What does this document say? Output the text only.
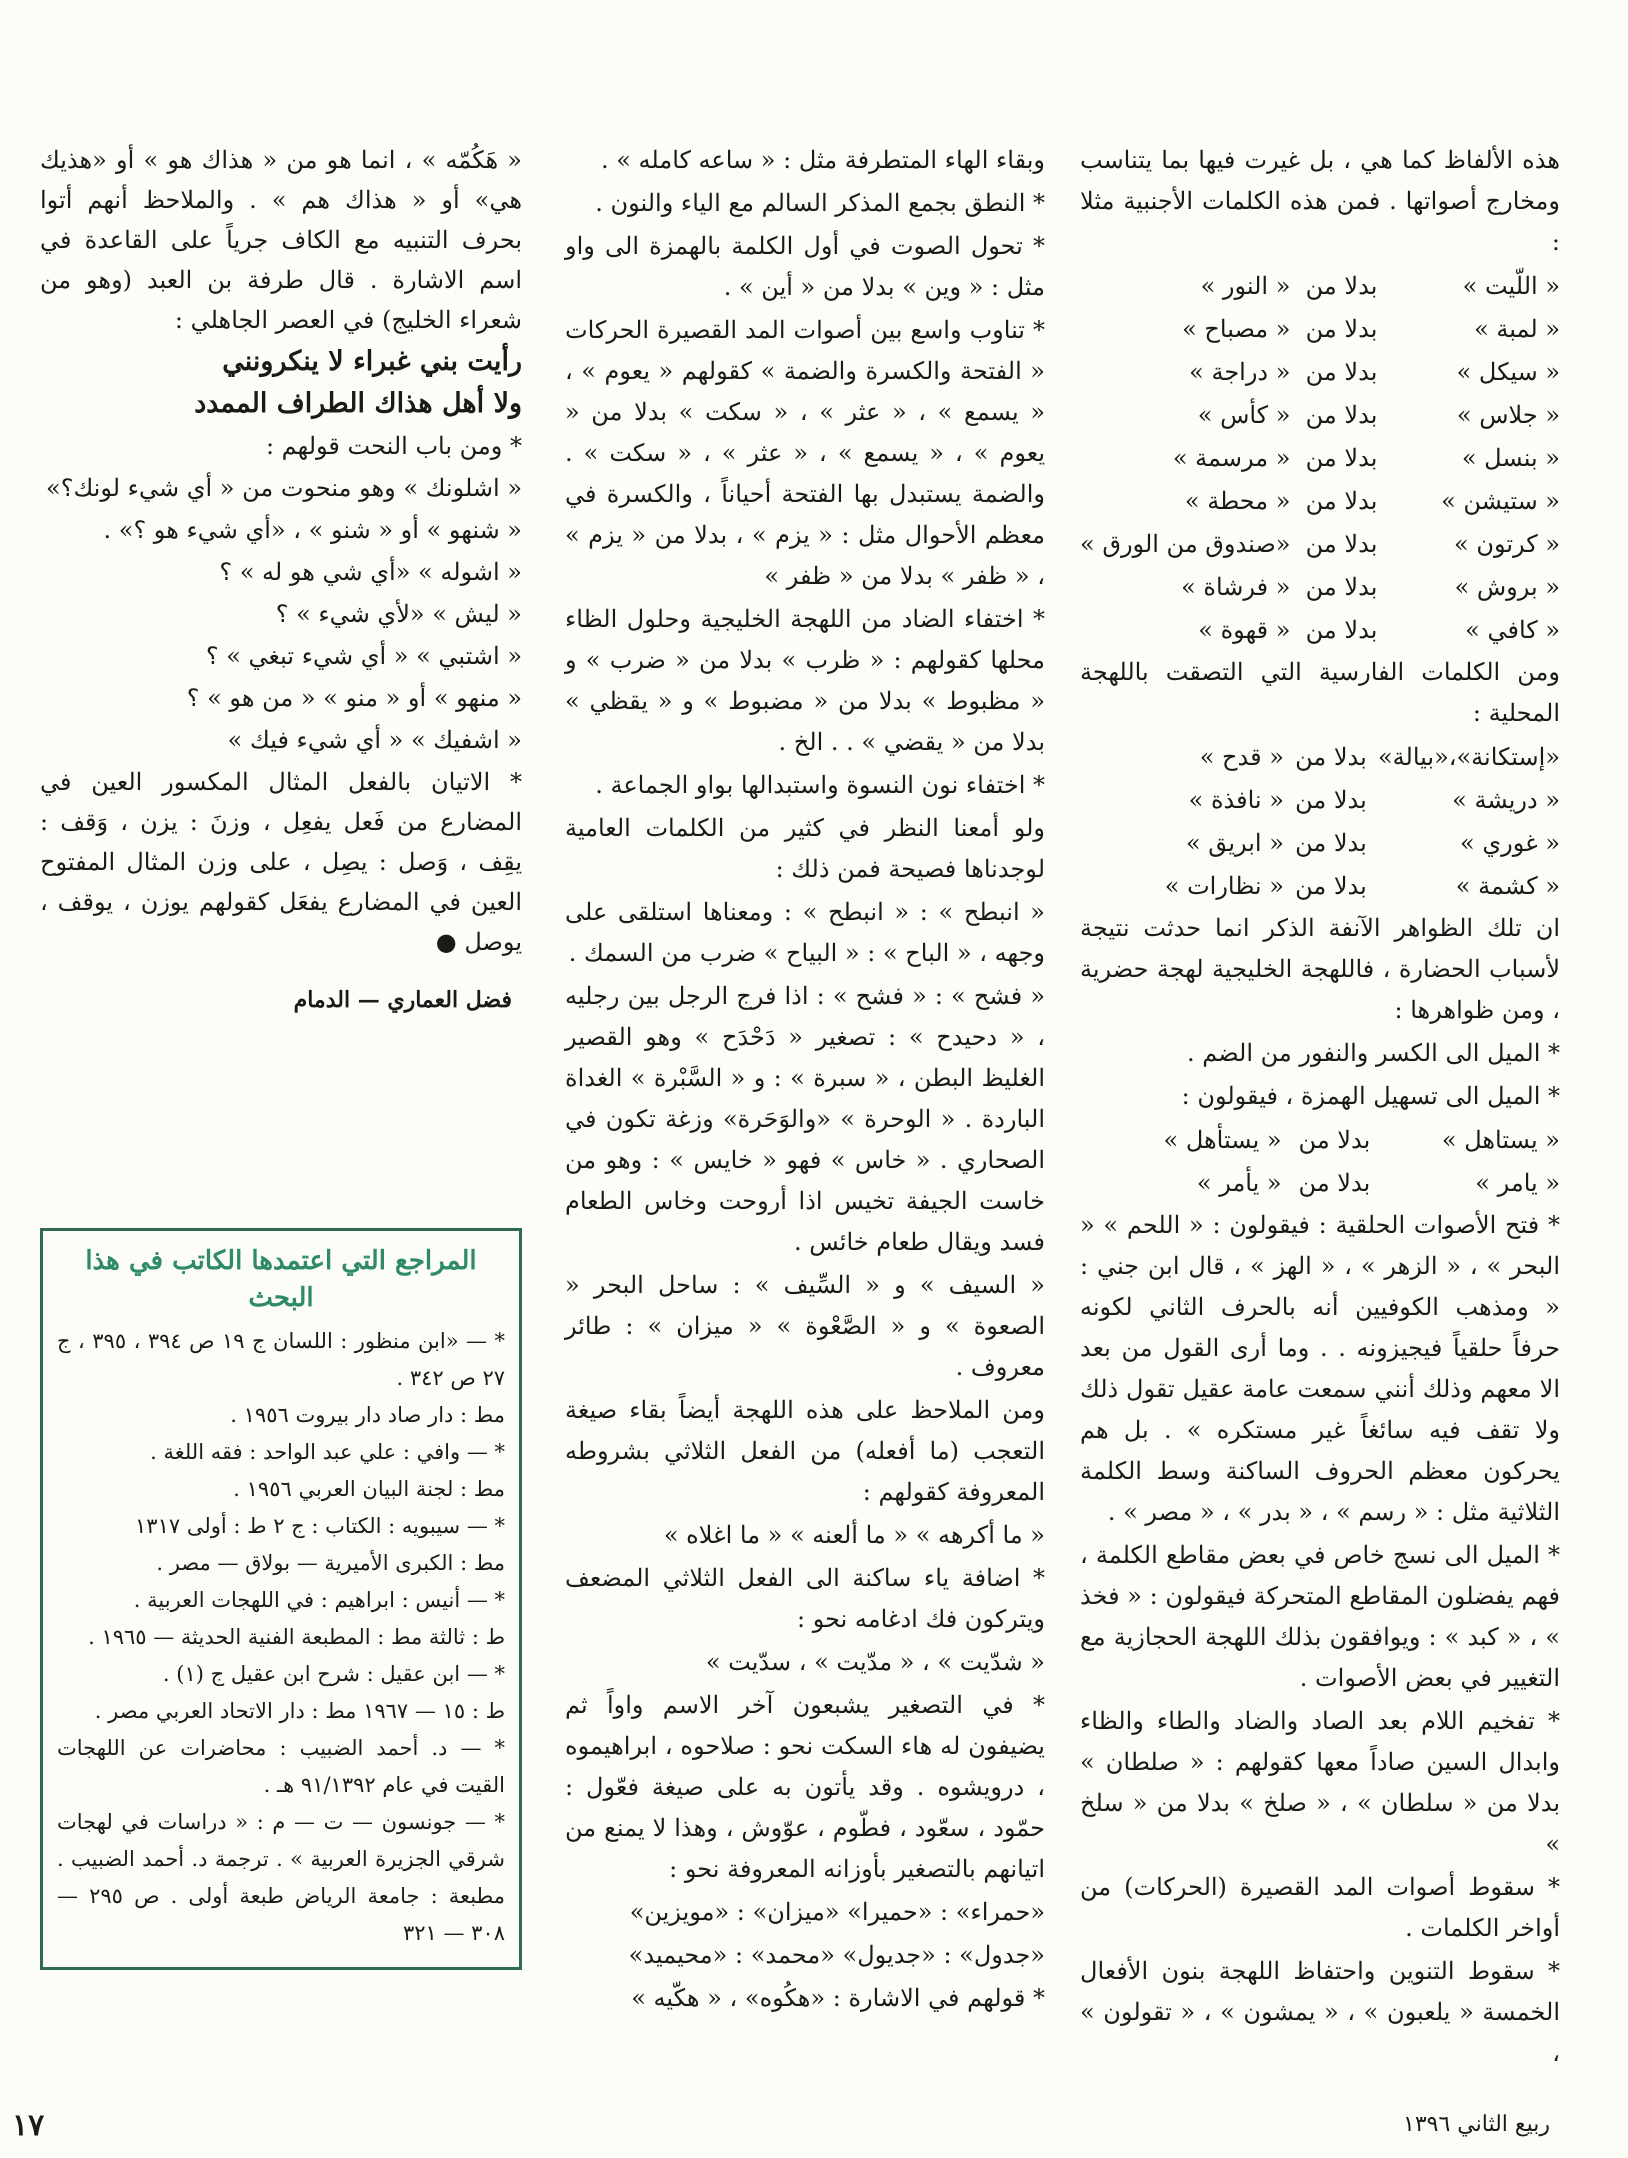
هذه الألفاظ كما هي ، بل غيرت فيها بما يتناسب ومخارج أصواتها . فمن هذه الكلمات الأجنبية مثلا :

« اللّيت »	بدلا من	« النور »
« لمبة »	بدلا من	« مصباح »
« سيكل »	بدلا من	« دراجة »
« جلاس »	بدلا من	« كأس »
« بنسل »	بدلا من	« مرسمة »
« ستيشن »	بدلا من	« محطة »
« كرتون »	بدلا من	«صندوق من الورق »
« بروش »	بدلا من	« فرشاة »
« كافي »	بدلا من	« قهوة »

ومن الكلمات الفارسية التي التصقت باللهجة المحلية :

«إستكانة»،«بيالة»	بدلا من	« قدح »
« دريشة »	بدلا من	« نافذة »
« غوري »	بدلا من	« ابريق »
« كشمة »	بدلا من	« نظارات »

ان تلك الظواهر الآنفة الذكر انما حدثت نتيجة لأسباب الحضارة ، فاللهجة الخليجية لهجة حضرية ، ومن ظواهرها :

* الميل الى الكسر والنفور من الضم .

* الميل الى تسهيل الهمزة ، فيقولون :

« يستاهل »	بدلا من	« يستأهل »
« يامر »	بدلا من	« يأمر »

* فتح الأصوات الحلقية : فيقولون : « اللحم » « البحر » ، « الزهر » ، « الهز » ، قال ابن جني : « ومذهب الكوفيين أنه بالحرف الثاني لكونه حرفاً حلقياً فيجيزونه . . وما أرى القول من بعد الا معهم وذلك أنني سمعت عامة عقيل تقول ذلك ولا تقف فيه سائغاً غير مستكره » . بل هم يحركون معظم الحروف الساكنة وسط الكلمة الثلاثية مثل : « رسم » ، « بدر » ، « مصر » .

* الميل الى نسج خاص في بعض مقاطع الكلمة ، فهم يفضلون المقاطع المتحركة فيقولون : « فخذ » ، « كبد » : ويوافقون بذلك اللهجة الحجازية مع التغيير في بعض الأصوات .

* تفخيم اللام بعد الصاد والضاد والطاء والظاء وابدال السين صاداً معها كقولهم : « صلطان » بدلا من « سلطان » ، « صلخ » بدلا من « سلخ »

* سقوط أصوات المد القصيرة (الحركات) من أواخر الكلمات .

* سقوط التنوين واحتفاظ اللهجة بنون الأفعال الخمسة « يلعبون » ، « يمشون » ، « تقولون » ،

وبقاء الهاء المتطرفة مثل : « ساعه كامله » .

* النطق بجمع المذكر السالم مع الياء والنون .

* تحول الصوت في أول الكلمة بالهمزة الى واو مثل : « وين » بدلا من « أين » .

* تناوب واسع بين أصوات المد القصيرة الحركات « الفتحة والكسرة والضمة » كقولهم « يعوم » ، « يسمع » ، « عثر » ، « سكت » بدلا من « يعوم » ، « يسمع » ، « عثر » ، « سكت » . والضمة يستبدل بها الفتحة أحياناً ، والكسرة في معظم الأحوال مثل : « يزم » ، بدلا من « يزم » ، « ظفر » بدلا من « ظفر »

* اختفاء الضاد من اللهجة الخليجية وحلول الظاء محلها كقولهم : « ظرب » بدلا من « ضرب » و « مظبوط » بدلا من « مضبوط » و « يقظي » بدلا من « يقضي » . . الخ .

* اختفاء نون النسوة واستبدالها بواو الجماعة .

ولو أمعنا النظر في كثير من الكلمات العامية لوجدناها فصيحة فمن ذلك :

« انبطح » : « انبطح » : ومعناها استلقى على وجهه ، « الباح » : « البياح » ضرب من السمك .

« فشح » : « فشح » : اذا فرج الرجل بين رجليه ، « دحيدح » : تصغير « دَحْدَح » وهو القصير الغليظ البطن ، « سبرة » : و « السَّبْرة » الغداة الباردة . « الوحرة » «والوَحَرة» وزغة تكون في الصحاري . « خاس » فهو « خايس » : وهو من خاست الجيفة تخيس اذا أروحت وخاس الطعام فسد ويقال طعام خائس .

« السيف » و « السِّيف » : ساحل البحر « الصعوة » و « الصَّعْوة » « ميزان » : طائر معروف .

ومن الملاحظ على هذه اللهجة أيضاً بقاء صيغة التعجب (ما أفعله) من الفعل الثلاثي بشروطه المعروفة كقولهم :

« ما أكرهه » « ما ألعنه » « ما اغلاه »

* اضافة ياء ساكنة الى الفعل الثلاثي المضعف ويتركون فك ادغامه نحو :

« شدّيت » ، « مدّيت » ، سدّيت »

* في التصغير يشبعون آخر الاسم واواً ثم يضيفون له هاء السكت نحو : صلاحوه ، ابراهيموه ، درويشوه . وقد يأتون به على صيغة فعّول : حمّود ، سعّود ، فطّوم ، عوّوش ، وهذا لا يمنع من اتيانهم بالتصغير بأوزانه المعروفة نحو :

«حمراء» : «حميرا» «ميزان» : «مويزين»

«جدول» : «جديول» «محمد» : «محيميد»

* قولهم في الاشارة : «هكُوه» ، « هكّيه »

« هَكُمّه » ، انما هو من « هذاك هو » أو «هذيك هي» أو « هذاك هم » . والملاحظ أنهم أتوا بحرف التنبيه مع الكاف جرياً على القاعدة في اسم الاشارة . قال طرفة بن العبد (وهو من شعراء الخليج) في العصر الجاهلي :

رأيت بني غبراء لا ينكرونني

ولا أهل هذاك الطراف الممدد

* ومن باب النحت قولهم :

« اشلونك » وهو منحوت من « أي شيء لونك؟»

« شنهو » أو « شنو » ، «أي شيء هو ؟» .

« اشوله » «أي شي هو له » ؟

« ليش » «لأي شيء » ؟

« اشتبي » « أي شيء تبغي » ؟

« منهو » أو « منو » « من هو » ؟

« اشفيك » « أي شيء فيك »

* الاتيان بالفعل المثال المكسور العين في المضارع من فَعل يفعِل ، وزنَ : يزن ، وَقف : يقِف ، وَصل : يصِل ، على وزن المثال المفتوح العين في المضارع يفعَل كقولهم يوزن ، يوقف ، يوصل ●

فضل العماري — الدمام
المراجع التي اعتمدها الكاتب في هذا البحث

* — «ابن منظور : اللسان ج ١٩ ص ٣٩٤ ، ٣٩٥ ، ج ٢٧ ص ٣٤٢ .

مط : دار صاد دار بيروت ١٩٥٦ .

* — وافي : علي عبد الواحد : فقه اللغة .

مط : لجنة البيان العربي ١٩٥٦ .

* — سيبويه : الكتاب : ج ٢ ط : أولى ١٣١٧

مط : الكبرى الأميرية — بولاق — مصر .

* — أنيس : ابراهيم : في اللهجات العربية .

ط : ثالثة مط : المطبعة الفنية الحديثة — ١٩٦٥ .

* — ابن عقيل : شرح ابن عقيل ج (١) .

ط : ١٥ — ١٩٦٧ مط : دار الاتحاد العربي مصر .

* — د. أحمد الضبيب : محاضرات عن اللهجات القيت في عام ٩١/١٣٩٢ هـ .

* — جونسون — ت — م : « دراسات في لهجات شرقي الجزيرة العربية » . ترجمة د. أحمد الضبيب . مطبعة : جامعة الرياض طبعة أولى . ص ٢٩٥ — ٣٠٨ — ٣٢١

ربيع الثاني ١٣٩٦
١٧
